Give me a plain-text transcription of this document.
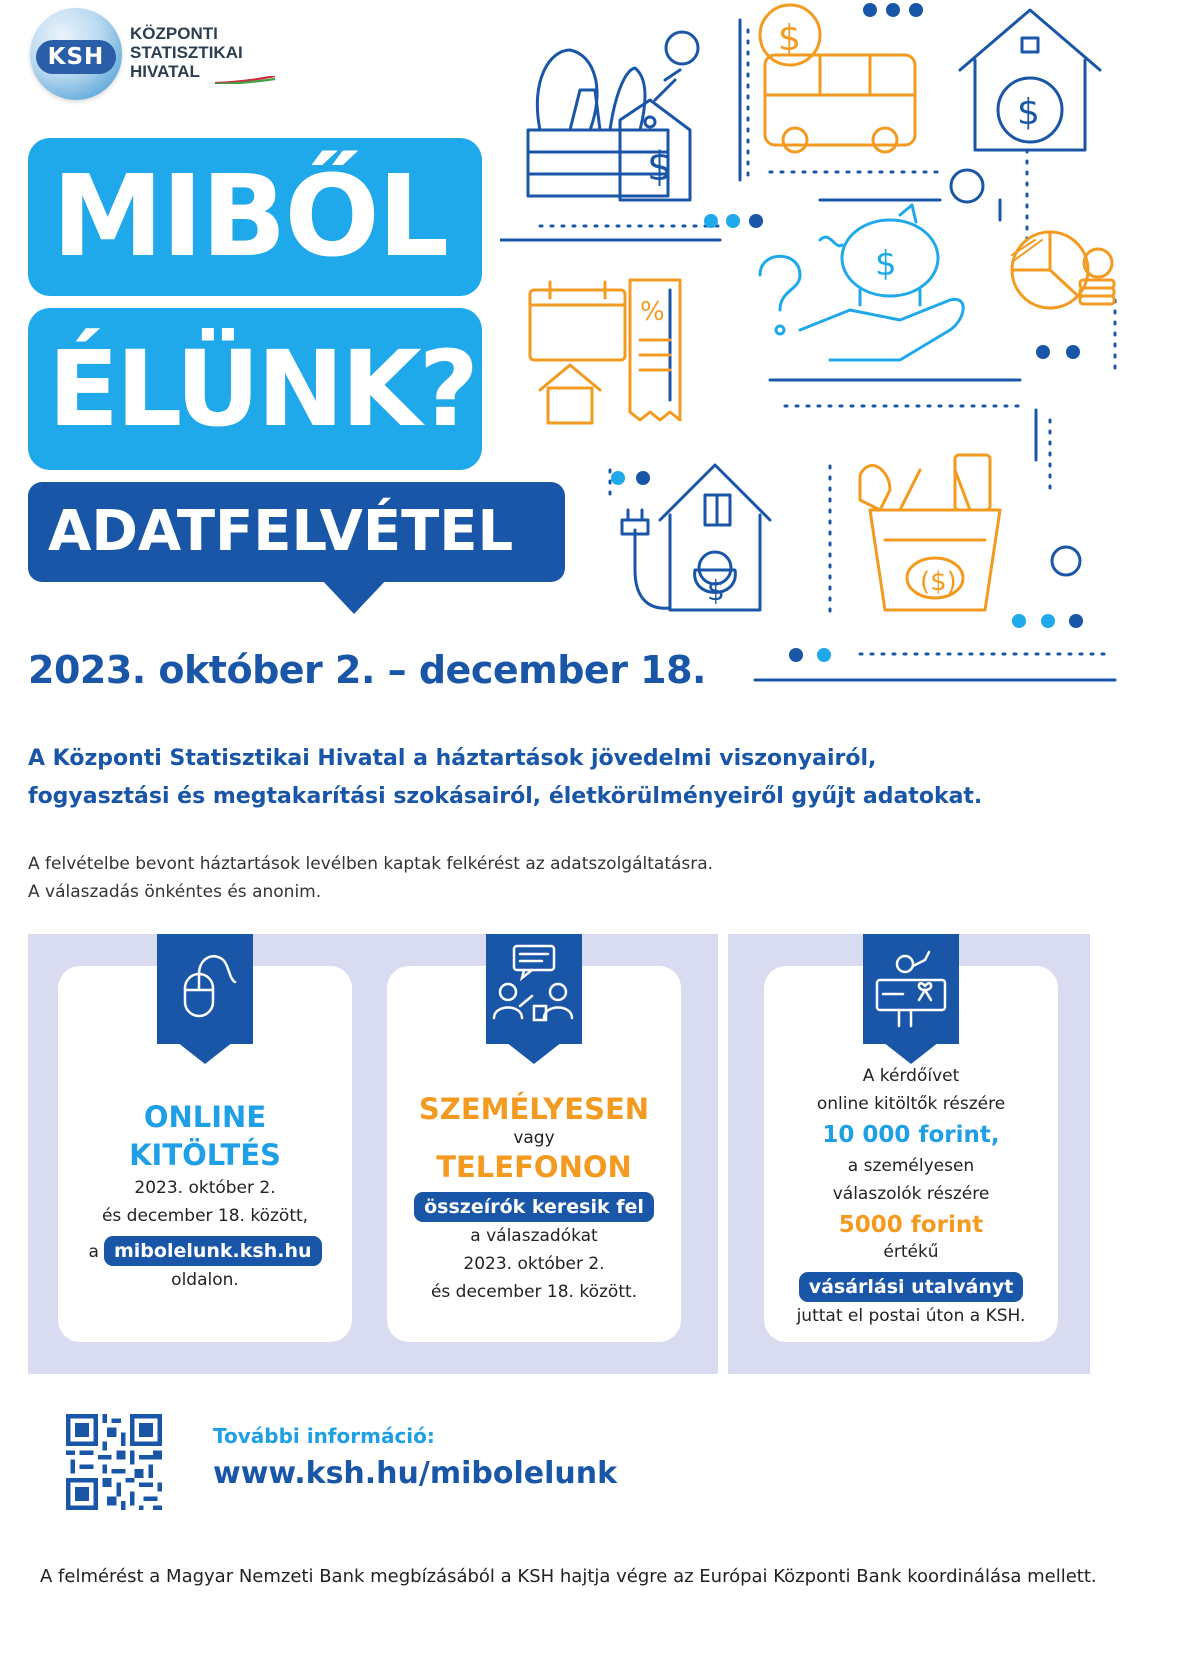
KSH
KÖZPONTI
STATISZTIKAI
HIVATAL
MIBŐL
ÉLÜNK?
ADATFELVÉTEL
$
$
$
$
%
$	($)
2023. október 2. – december 18.
A Központi Statisztikai Hivatal a háztartások jövedelmi viszonyairól,
fogyasztási és megtakarítási szokásairól, életkörülményeiről gyűjt adatokat.
A felvételbe bevont háztartások levélben kaptak felkérést az adatszolgáltatásra.
A válaszadás önkéntes és anonim.
ONLINE
KITÖLTÉS
2023. október 2.
és december 18. között,
a mibolelunk.ksh.hu
oldalon.
SZEMÉLYESEN
vagy
TELEFONON
összeírók keresik fel
a válaszadókat
2023. október 2.
és december 18. között.
A kérdőívet
online kitöltők részére
10 000 forint,
a személyesen
válaszolók részére
5000 forint
értékű
vásárlási utalványt
juttat el postai úton a KSH.
További információ:
www.ksh.hu/mibolelunk
A felmérést a Magyar Nemzeti Bank megbízásából a KSH hajtja végre az Európai Központi Bank koordinálása mellett.
